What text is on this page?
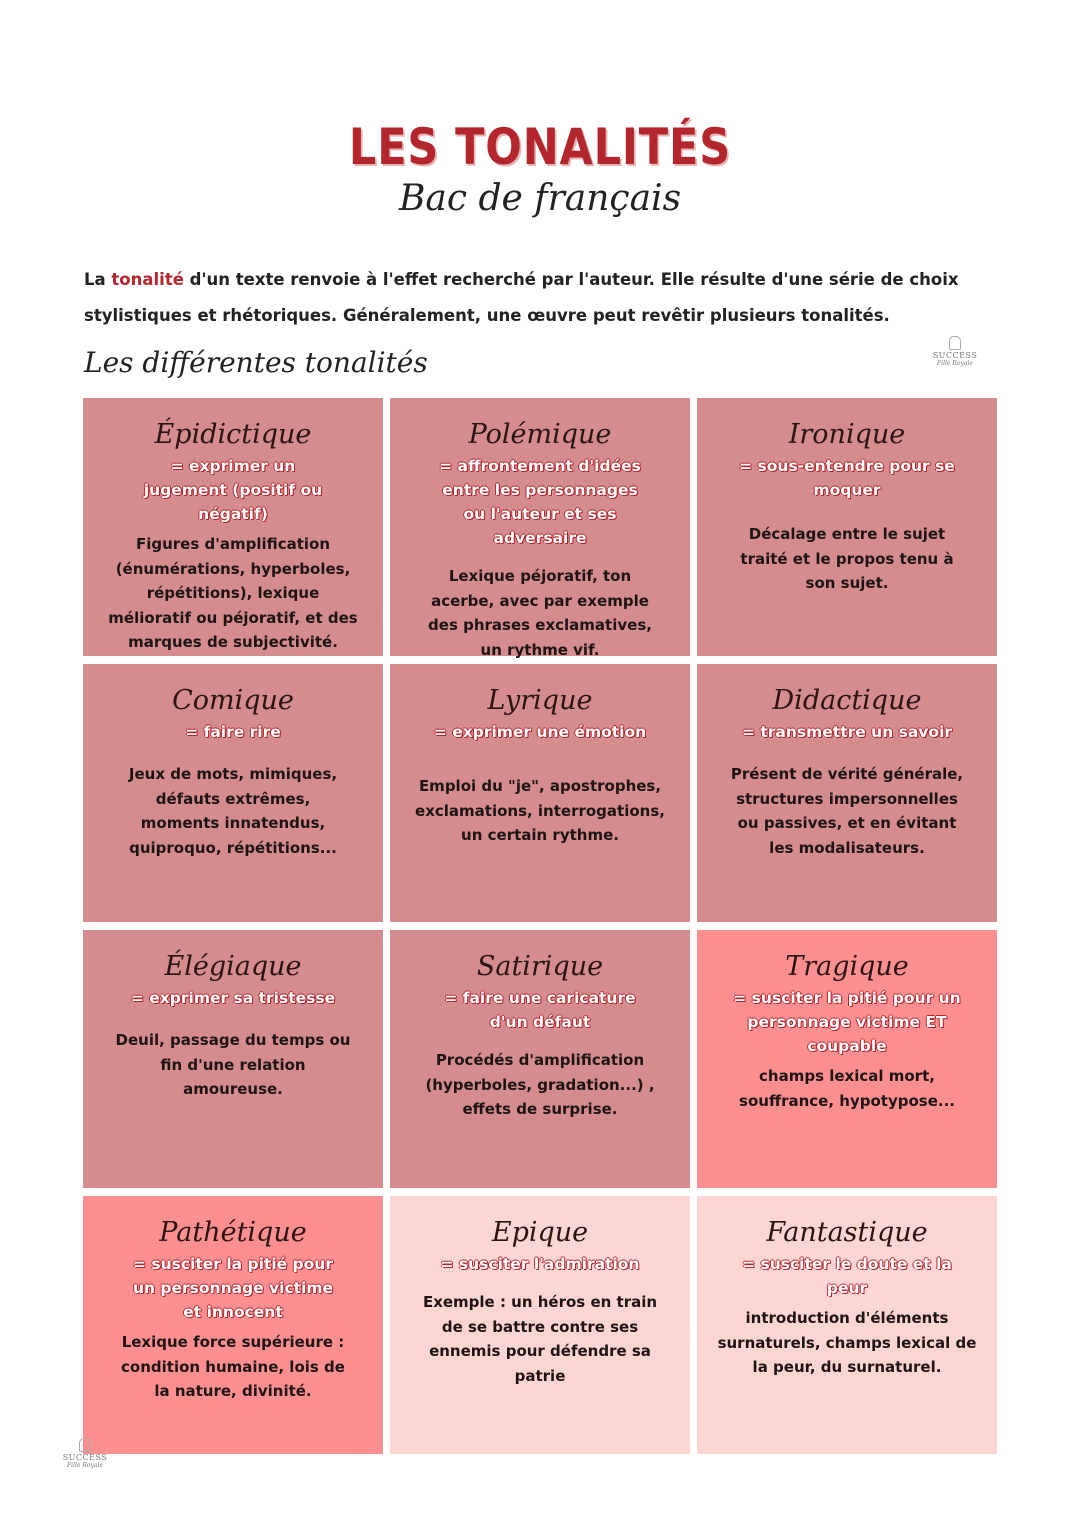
LES TONALITÉS
Bac de français
La tonalité d'un texte renvoie à l'effet recherché par l'auteur. Elle résulte d'une série de choix stylistiques et rhétoriques. Généralement, une œuvre peut revêtir plusieurs tonalités.
Les différentes tonalités	SUCCESS
Fille Royale
Épidictique
= exprimer un jugement (positif ou négatif)
Figures d'amplification (énumérations, hyperboles, répétitions), lexique mélioratif ou péjoratif, et des marques de subjectivité.
Polémique
= affrontement d'idées entre les personnages ou l'auteur et ses adversaire
Lexique péjoratif, ton acerbe, avec par exemple des phrases exclamatives, un rythme vif.
Ironique
= sous-entendre pour se moquer
Décalage entre le sujet traité et le propos tenu à son sujet.
Comique
= faire rire
Jeux de mots, mimiques, défauts extrêmes, moments innatendus, quiproquo, répétitions...
Lyrique
= exprimer une émotion
Emploi du "je", apostrophes, exclamations, interrogations, un certain rythme.
Didactique
= transmettre un savoir
Présent de vérité générale, structures impersonnelles ou passives, et en évitant les modalisateurs.
Élégiaque
= exprimer sa tristesse
Deuil, passage du temps ou fin d'une relation amoureuse.
Satirique
= faire une caricature d'un défaut
Procédés d'amplification (hyperboles, gradation...) , effets de surprise.
Tragique
= susciter la pitié pour un personnage victime ET coupable
champs lexical mort, souffrance, hypotypose...
Pathétique
= susciter la pitié pour un personnage victime et innocent
Lexique force supérieure : condition humaine, lois de la nature, divinité.
Epique
= susciter l'admiration
Exemple : un héros en train de se battre contre ses ennemis pour défendre sa patrie
Fantastique
= susciter le doute et la peur
introduction d'éléments surnaturels, champs lexical de la peur, du surnaturel.
SUCCESS
Fille Royale
